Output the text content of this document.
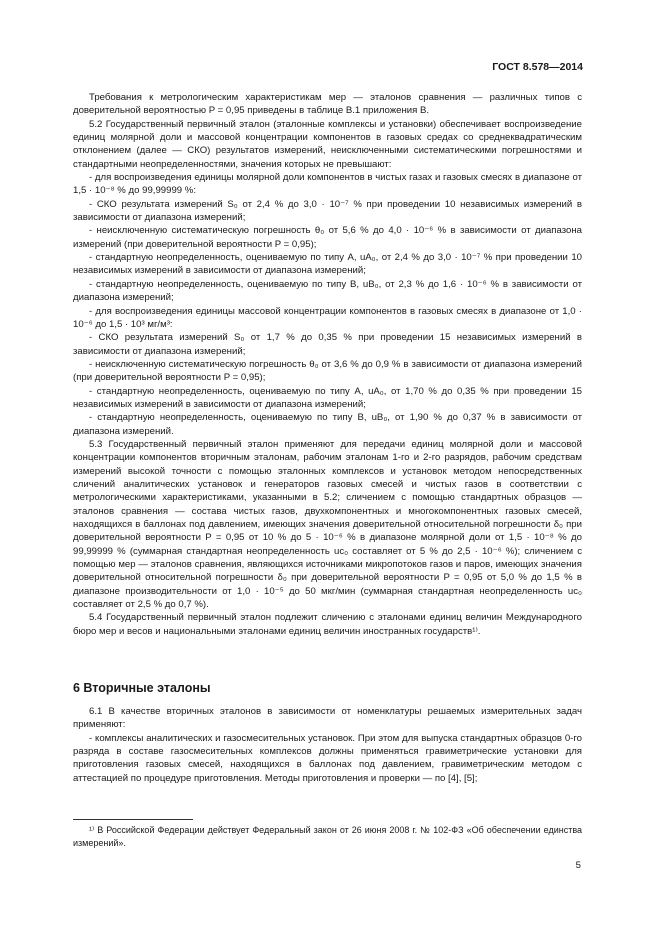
ГОСТ 8.578—2014

Требования к метрологическим характеристикам мер — эталонов сравнения — различных типов с доверительной вероятностью P = 0,95 приведены в таблице В.1 приложения В.

5.2 Государственный первичный эталон (эталонные комплексы и установки) обеспечивает воспроизведение единиц молярной доли и массовой концентрации компонентов в газовых средах со среднеквадратическим отклонением (далее — СКО) результатов измерений, неисключенными систематическими погрешностями и стандартными неопределенностями, значения которых не превышают:

- для воспроизведения единицы молярной доли компонентов в чистых газах и газовых смесях в диапазоне от 1,5 · 10⁻⁸ % до 99,99999 %:

- СКО результата измерений S₀ от 2,4 % до 3,0 · 10⁻⁷ % при проведении 10 независимых измерений в зависимости от диапазона измерений;

- неисключенную систематическую погрешность θ₀ от 5,6 % до 4,0 · 10⁻⁶ % в зависимости от диапазона измерений (при доверительной вероятности P = 0,95);

- стандартную неопределенность, оцениваемую по типу А, uA₀, от 2,4 % до 3,0 · 10⁻⁷ % при проведении 10 независимых измерений в зависимости от диапазона измерений;

- стандартную неопределенность, оцениваемую по типу В, uB₀, от 2,3 % до 1,6 · 10⁻⁶ % в зависимости от диапазона измерений;

- для воспроизведения единицы массовой концентрации компонентов в газовых смесях в диапазоне от 1,0 · 10⁻⁶ до 1,5 · 10³ мг/м³:

- СКО результата измерений S₀ от 1,7 % до 0,35 % при проведении 15 независимых измерений в зависимости от диапазона измерений;

- неисключенную систематическую погрешность θ₀ от 3,6 % до 0,9 % в зависимости от диапазона измерений (при доверительной вероятности P = 0,95);

- стандартную неопределенность, оцениваемую по типу А, uA₀, от 1,70 % до 0,35 % при проведении 15 независимых измерений в зависимости от диапазона измерений;

- стандартную неопределенность, оцениваемую по типу В, uB₀, от 1,90 % до 0,37 % в зависимости от диапазона измерений.

5.3 Государственный первичный эталон применяют для передачи единиц молярной доли и массовой концентрации компонентов вторичным эталонам, рабочим эталонам 1-го и 2-го разрядов, рабочим средствам измерений высокой точности с помощью эталонных комплексов и установок методом непосредственных сличений аналитических установок и генераторов газовых смесей и чистых газов в соответствии с метрологическими характеристиками, указанными в 5.2; сличением с помощью стандартных образцов — эталонов сравнения — состава чистых газов, двухкомпонентных и многокомпонентных газовых смесей, находящихся в баллонах под давлением, имеющих значения доверительной относительной погрешности δ₀ при доверительной вероятности P = 0,95 от 10 % до 5 · 10⁻⁶ % в диапазоне молярной доли от 1,5 · 10⁻⁸ % до 99,99999 % (суммарная стандартная неопределенность uc₀ составляет от 5 % до 2,5 · 10⁻⁶ %); сличением с помощью мер — эталонов сравнения, являющихся источниками микропотоков газов и паров, имеющих значения доверительной относительной погрешности δ₀ при доверительной вероятности P = 0,95 от 5,0 % до 1,5 % в диапазоне производительности от 1,0 · 10⁻⁵ до 50 мкг/мин (суммарная стандартная неопределенность uc₀ составляет от 2,5 % до 0,7 %).

5.4 Государственный первичный эталон подлежит сличению с эталонами единиц величин Международного бюро мер и весов и национальными эталонами единиц величин иностранных государств¹⁾.

6 Вторичные эталоны

6.1 В качестве вторичных эталонов в зависимости от номенклатуры решаемых измерительных задач применяют:

- комплексы аналитических и газосмесительных установок. При этом для выпуска стандартных образцов 0-го разряда в составе газосмесительных комплексов должны применяться гравиметрические установки для приготовления газовых смесей, находящихся в баллонах под давлением, гравиметрическим методом с аттестацией по процедуре приготовления. Методы приготовления и проверки — по [4], [5];

¹⁾ В Российской Федерации действует Федеральный закон от 26 июня 2008 г. № 102-ФЗ «Об обеспечении единства измерений».

5
